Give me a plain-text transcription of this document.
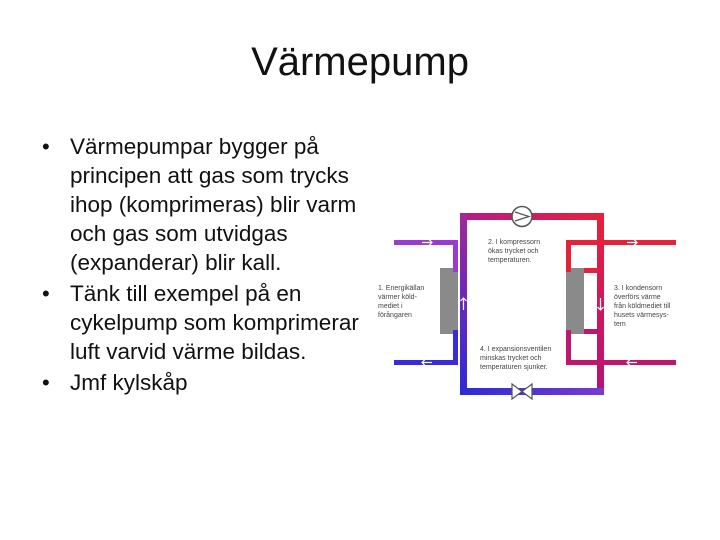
Värmepump
• Värmepumpar bygger på principen att gas som trycks ihop (komprimeras) blir varm och gas som utvidgas (expanderar) blir kall.
• Tänk till exempel på en cykelpump som komprimerar luft varvid värme bildas.
• Jmf kylskåp
1. Energikällan värmer köld- mediet i förångaren
2. I kompressorn ökas trycket och temperaturen.
3. I kondensorn överförs värme från köldmediet till husets värmesys- tem
4. I expansionsventilen minskas trycket och temperaturen sjunker.
